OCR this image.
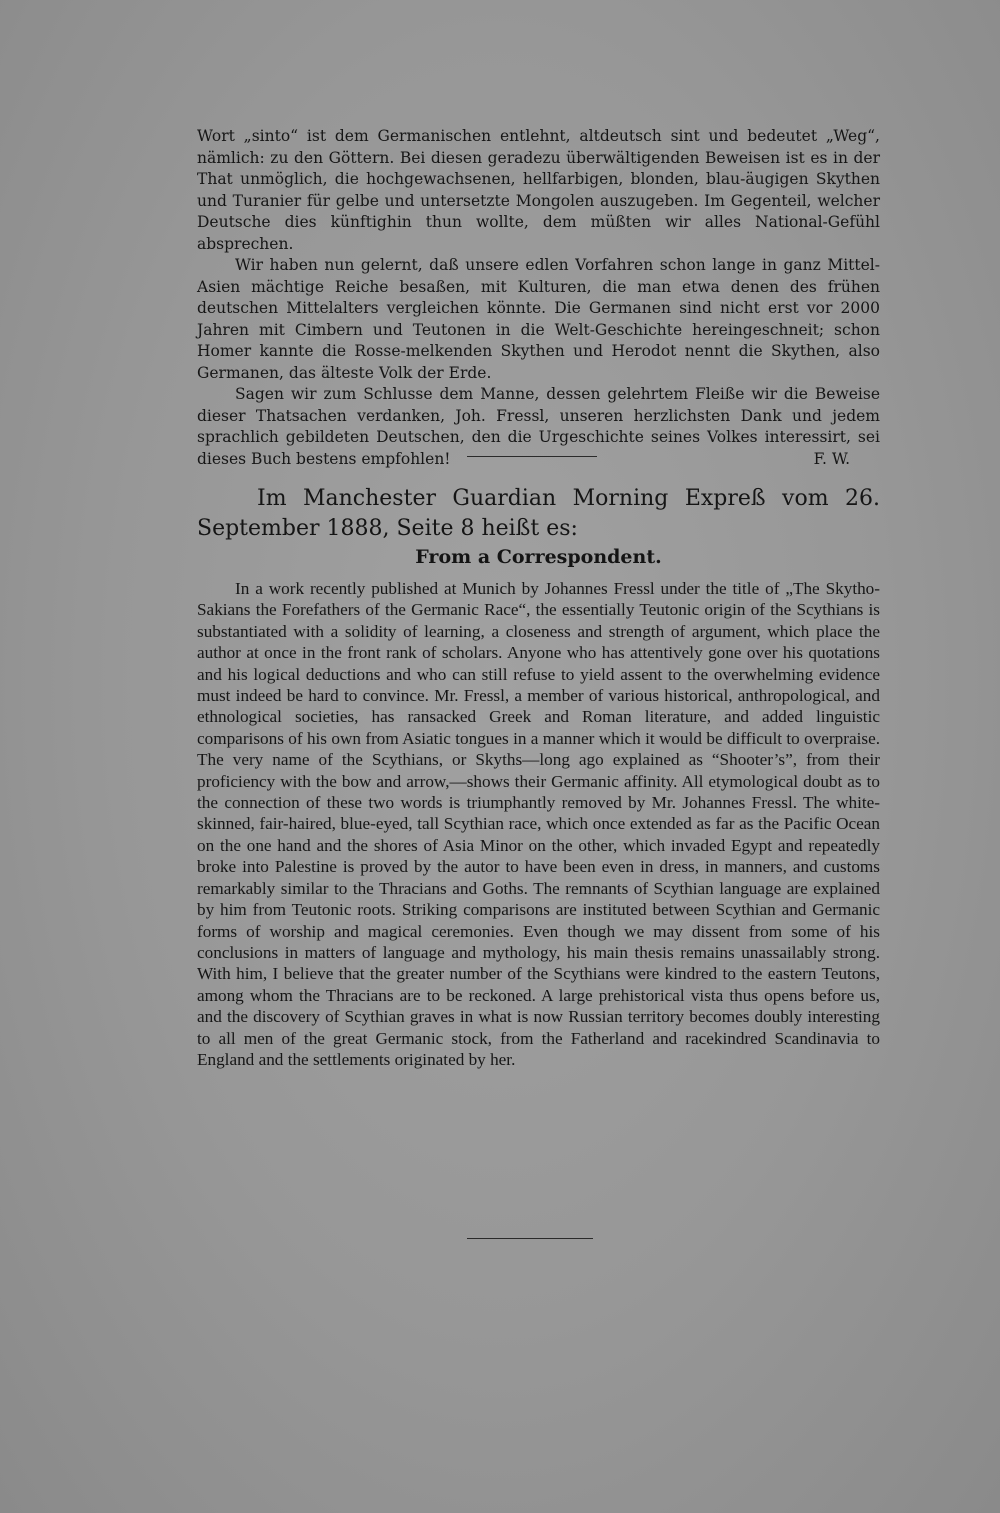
Wort „sinto“ ist dem Germanischen entlehnt, altdeutsch sint und bedeutet „Weg“, nämlich: zu den Göttern. Bei diesen geradezu überwältigenden Beweisen ist es in der That unmöglich, die hochgewachsenen, hellfarbigen, blonden, blau-äugigen Skythen und Turanier für gelbe und untersetzte Mongolen auszugeben. Im Gegenteil, welcher Deutsche dies künftighin thun wollte, dem müßten wir alles National-Gefühl absprechen.

Wir haben nun gelernt, daß unsere edlen Vorfahren schon lange in ganz Mittel-Asien mächtige Reiche besaßen, mit Kulturen, die man etwa denen des frühen deutschen Mittelalters vergleichen könnte. Die Germanen sind nicht erst vor 2000 Jahren mit Cimbern und Teutonen in die Welt-Geschichte hereingeschneit; schon Homer kannte die Rosse-melkenden Skythen und Herodot nennt die Skythen, also Germanen, das älteste Volk der Erde.

Sagen wir zum Schlusse dem Manne, dessen gelehrtem Fleiße wir die Beweise dieser Thatsachen verdanken, Joh. Fressl, unseren herzlichsten Dank und jedem sprachlich gebildeten Deutschen, den die Urgeschichte seines Volkes interessirt, sei dieses Buch bestens empfohlen!	F. W.

Im Manchester Guardian Morning Expreß vom 26. September 1888, Seite 8 heißt es:
From a Correspondent.

In a work recently published at Munich by Johannes Fressl under the title of „The Skytho-Sakians the Forefathers of the Germanic Race“, the essentially Teutonic origin of the Scythians is substantiated with a solidity of learning, a closeness and strength of argument, which place the author at once in the front rank of scholars. Anyone who has attentively gone over his quotations and his logical deductions and who can still refuse to yield assent to the overwhelming evidence must indeed be hard to convince. Mr. Fressl, a member of various historical, anthropological, and ethnological societies, has ransacked Greek and Roman literature, and added linguistic comparisons of his own from Asiatic tongues in a manner which it would be difficult to overpraise. The very name of the Scythians, or Skyths—long ago explained as “Shooter’s”, from their proficiency with the bow and arrow,—shows their Germanic affinity. All etymological doubt as to the connection of these two words is triumphantly removed by Mr. Johannes Fressl. The white-skinned, fair-haired, blue-eyed, tall Scythian race, which once extended as far as the Pacific Ocean on the one hand and the shores of Asia Minor on the other, which invaded Egypt and repeatedly broke into Palestine is proved by the autor to have been even in dress, in manners, and customs remarkably similar to the Thracians and Goths. The remnants of Scythian language are explained by him from Teutonic roots. Striking comparisons are instituted between Scythian and Germanic forms of worship and magical ceremonies. Even though we may dissent from some of his conclusions in matters of language and mythology, his main thesis remains unassailably strong. With him, I believe that the greater number of the Scythians were kindred to the eastern Teutons, among whom the Thracians are to be reckoned. A large prehistorical vista thus opens before us, and the discovery of Scythian graves in what is now Russian territory becomes doubly interesting to all men of the great Germanic stock, from the Fatherland and racekindred Scandinavia to England and the settlements originated by her.
